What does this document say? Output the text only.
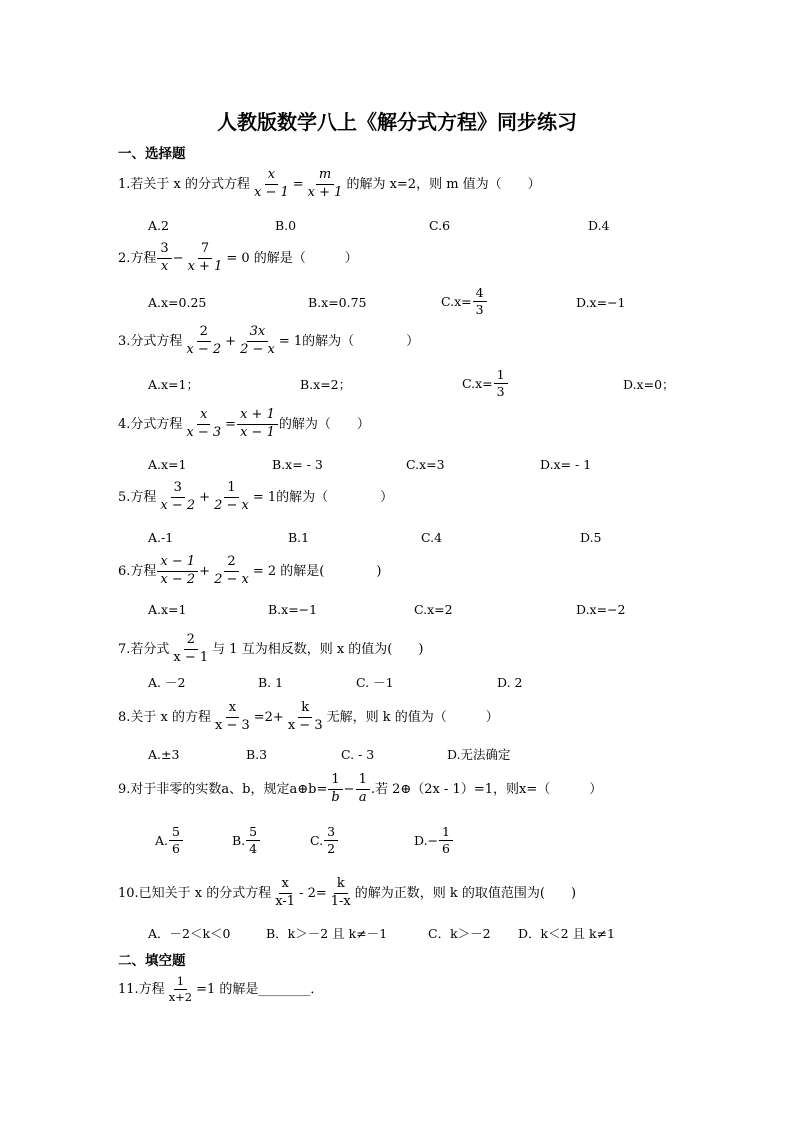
人教版数学八上《解分式方程》同步练习
一、选择题
1.若关于 x 的分式方程 $\frac{x}{x - 1} = \frac{m}{x + 1}$ 的解为 x=2，则 m 值为（　　）
A.2	B.0	C.6	D.4
2.方程 $\frac{3}{x} - \frac{7}{x + 1} = 0$ 的解是（　　　）
A.x=0.25	B.x=0.75	$C.x= \frac{4}{3}$	D.x=−1
3.分式方程 $\frac{2}{x - 2} + \frac{3x}{2 - x} = 1$的解为（　　　　）
A.x=1；	B.x=2；	$C.x= \frac{1}{3}$	D.x=0；
4.分式方程 $\frac{x}{x - 3} = \frac{x + 1}{x - 1}$ 的解为（　　）
A.x=1	B.x= - 3	C.x=3	D.x= - 1
5.方程 $\frac{3}{x - 2} + \frac{1}{2 - x} = 1$的解为（　　　　）
A.-1	B.1	C.4	D.5
6.方程 $\frac{x - 1}{x - 2} + \frac{2}{2 - x} = 2$ 的解是(　　　　)
A.x=1	B.x=−1	C.x=2	D.x=−2
7.若分式 $\frac{2}{x - 1}$ 与 1 互为相反数，则 x 的值为(　　)
A. －2	B. 1	C. －1	D. 2
8.关于 x 的方程 $\frac{x}{x - 3} =2+ \frac{k}{x - 3}$ 无解，则 k 的值为（　　　）
A.±3	B.3	C. - 3	D.无法确定
9.对于非零的实数a、b，规定a⊕b= $\frac{1}{b} - \frac{1}{a}$ .若 2⊕（2x - 1）=1，则x=（　　　）
A. $\frac{5}{6}$	B. $\frac{5}{4}$	C. $\frac{3}{2}$	$D.- \frac{1}{6}$
10.已知关于 x 的分式方程 $\frac{x}{x-1} - 2= \frac{k}{1-x}$ 的解为正数，则 k 的取值范围为(　　)
A．－2＜k＜0	B．k＞－2 且 k≠－1	C．k＞－2 D．k＜2 且 k≠1
二、填空题
11.方程 $\frac{1}{x+2} =1$ 的解是________．
